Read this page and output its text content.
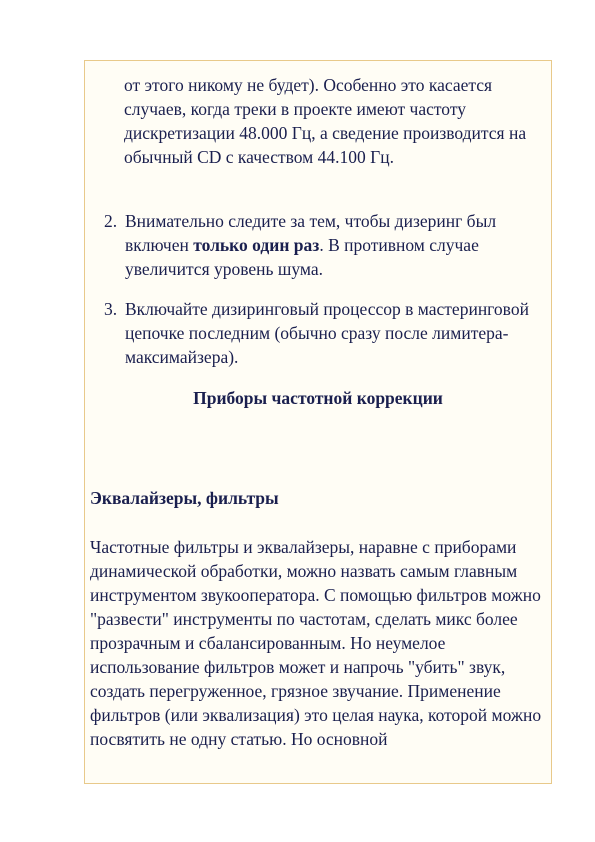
от этого никому не будет). Особенно это касается случаев, когда треки в проекте имеют частоту дискретизации 48.000 Гц, а сведение производится на обычный CD с качеством 44.100 Гц.

2. Внимательно следите за тем, чтобы дизеринг был включен только один раз. В противном случае увеличится уровень шума.
3. Включайте дизиринговый процессор в мастеринговой цепочке последним (обычно сразу после лимитера-максимайзера).
Приборы частотной коррекции
Эквалайзеры, фильтры

Частотные фильтры и эквалайзеры, наравне с приборами динамической обработки, можно назвать самым главным инструментом звукооператора. С помощью фильтров можно "развести" инструменты по частотам, сделать микс более прозрачным и сбалансированным. Но неумелое использование фильтров может и напрочь "убить" звук, создать перегруженное, грязное звучание. Применение фильтров (или эквализация) это целая наука, которой можно посвятить не одну статью. Но основной
